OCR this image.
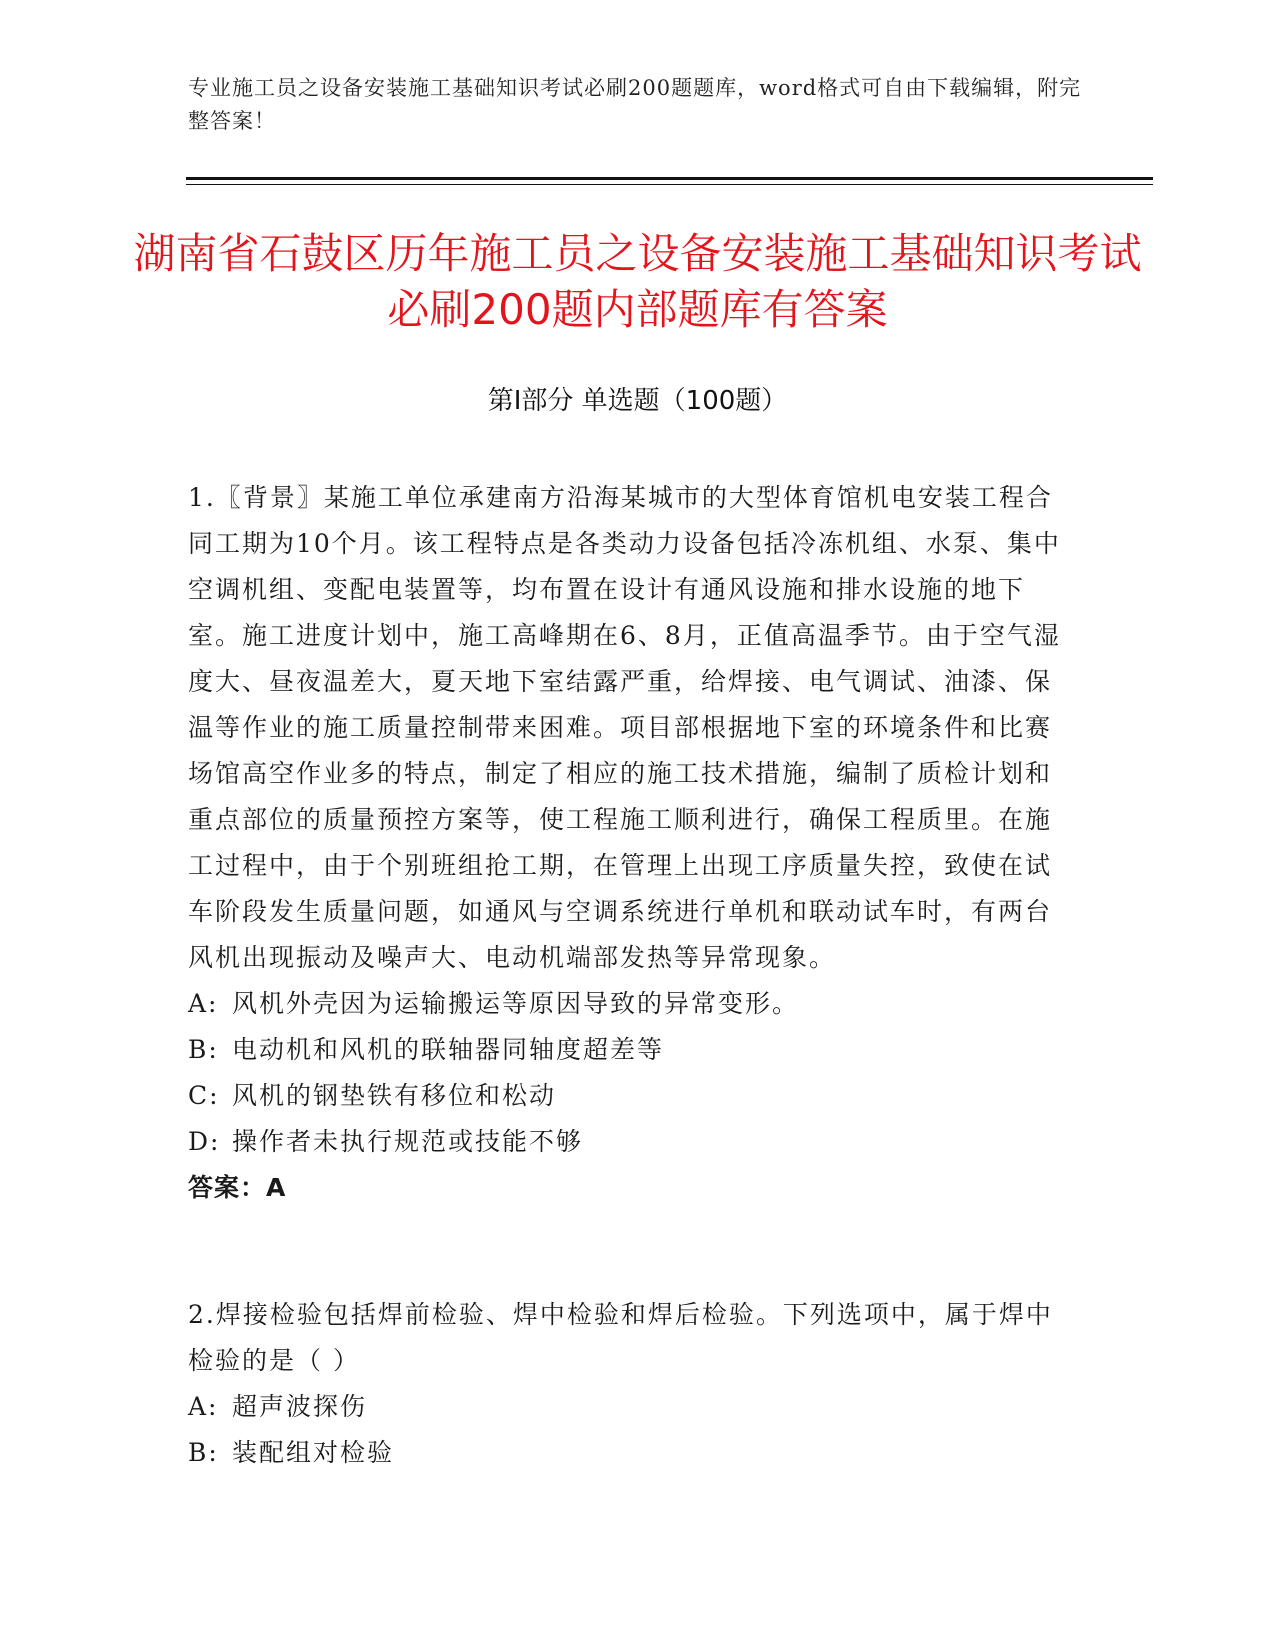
专业施工员之设备安装施工基础知识考试必刷200题题库，word格式可自由下载编辑，附完整答案！
湖南省石鼓区历年施工员之设备安装施工基础知识考试必刷200题内部题库有答案
第I部分 单选题（100题）

1.〖背景〗某施工单位承建南方沿海某城市的大型体育馆机电安装工程合同工期为10个月。该工程特点是各类动力设备包括冷冻机组、水泵、集中空调机组、变配电装置等，均布置在设计有通风设施和排水设施的地下室。施工进度计划中，施工高峰期在6、8月，正值高温季节。由于空气湿度大、昼夜温差大，夏天地下室结露严重，给焊接、电气调试、油漆、保温等作业的施工质量控制带来困难。项目部根据地下室的环境条件和比赛场馆高空作业多的特点，制定了相应的施工技术措施，编制了质检计划和重点部位的质量预控方案等，使工程施工顺利进行，确保工程质里。在施工过程中，由于个别班组抢工期，在管理上出现工序质量失控，致使在试车阶段发生质量问题，如通风与空调系统进行单机和联动试车时，有两台风机出现振动及噪声大、电动机端部发热等异常现象。

A: 风机外壳因为运输搬运等原因导致的异常变形。
B: 电动机和风机的联轴器同轴度超差等
C: 风机的钢垫铁有移位和松动
D: 操作者未执行规范或技能不够

答案：A

2.焊接检验包括焊前检验、焊中检验和焊后检验。下列选项中，属于焊中检验的是（ ）

A: 超声波探伤
B: 装配组对检验
